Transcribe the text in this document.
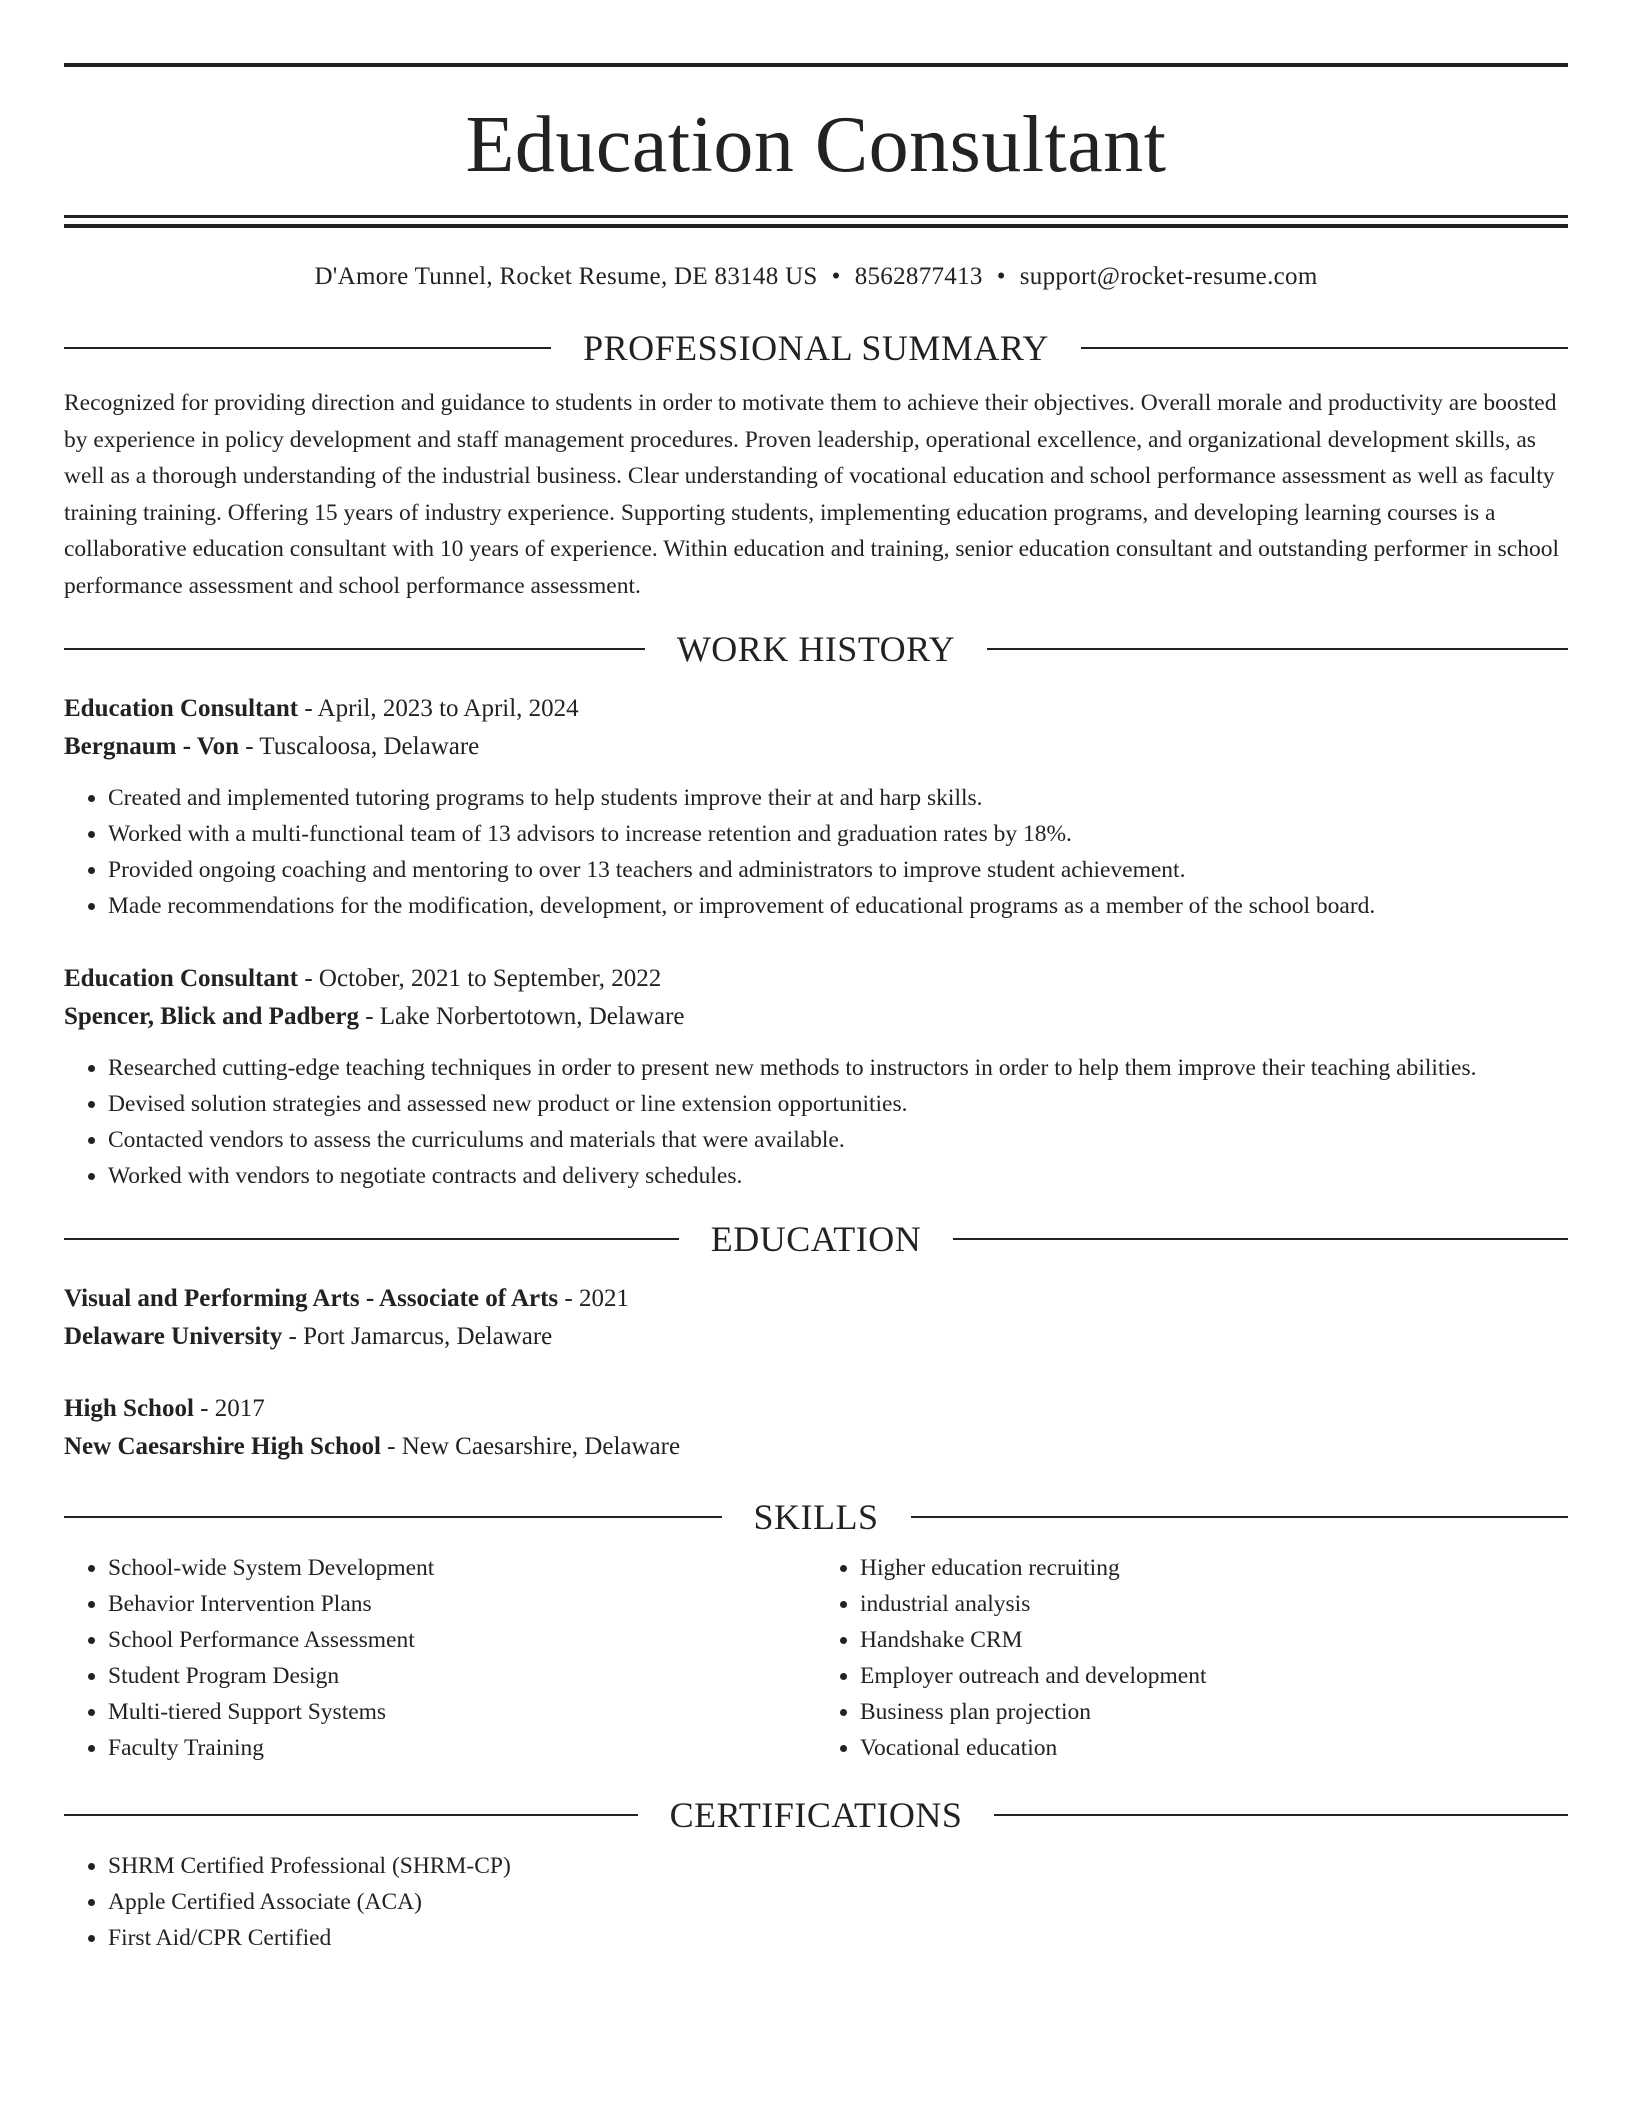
Education Consultant
D'Amore Tunnel, Rocket Resume, DE 83148 US • 8562877413 • support@rocket-resume.com
PROFESSIONAL SUMMARY
Recognized for providing direction and guidance to students in order to motivate them to achieve their objectives. Overall morale and productivity are boosted by experience in policy development and staff management procedures. Proven leadership, operational excellence, and organizational development skills, as well as a thorough understanding of the industrial business. Clear understanding of vocational education and school performance assessment as well as faculty training training. Offering 15 years of industry experience. Supporting students, implementing education programs, and developing learning courses is a collaborative education consultant with 10 years of experience. Within education and training, senior education consultant and outstanding performer in school performance assessment and school performance assessment.
WORK HISTORY
Education Consultant - April, 2023 to April, 2024
Bergnaum - Von - Tuscaloosa, Delaware
• Created and implemented tutoring programs to help students improve their at and harp skills.
• Worked with a multi-functional team of 13 advisors to increase retention and graduation rates by 18%.
• Provided ongoing coaching and mentoring to over 13 teachers and administrators to improve student achievement.
• Made recommendations for the modification, development, or improvement of educational programs as a member of the school board.
Education Consultant - October, 2021 to September, 2022
Spencer, Blick and Padberg - Lake Norbertotown, Delaware
• Researched cutting-edge teaching techniques in order to present new methods to instructors in order to help them improve their teaching abilities.
• Devised solution strategies and assessed new product or line extension opportunities.
• Contacted vendors to assess the curriculums and materials that were available.
• Worked with vendors to negotiate contracts and delivery schedules.
EDUCATION
Visual and Performing Arts - Associate of Arts - 2021
Delaware University - Port Jamarcus, Delaware
High School - 2017
New Caesarshire High School - New Caesarshire, Delaware
SKILLS
• School-wide System Development
• Behavior Intervention Plans
• School Performance Assessment
• Student Program Design
• Multi-tiered Support Systems
• Faculty Training
• Higher education recruiting
• industrial analysis
• Handshake CRM
• Employer outreach and development
• Business plan projection
• Vocational education
CERTIFICATIONS
• SHRM Certified Professional (SHRM-CP)
• Apple Certified Associate (ACA)
• First Aid/CPR Certified
